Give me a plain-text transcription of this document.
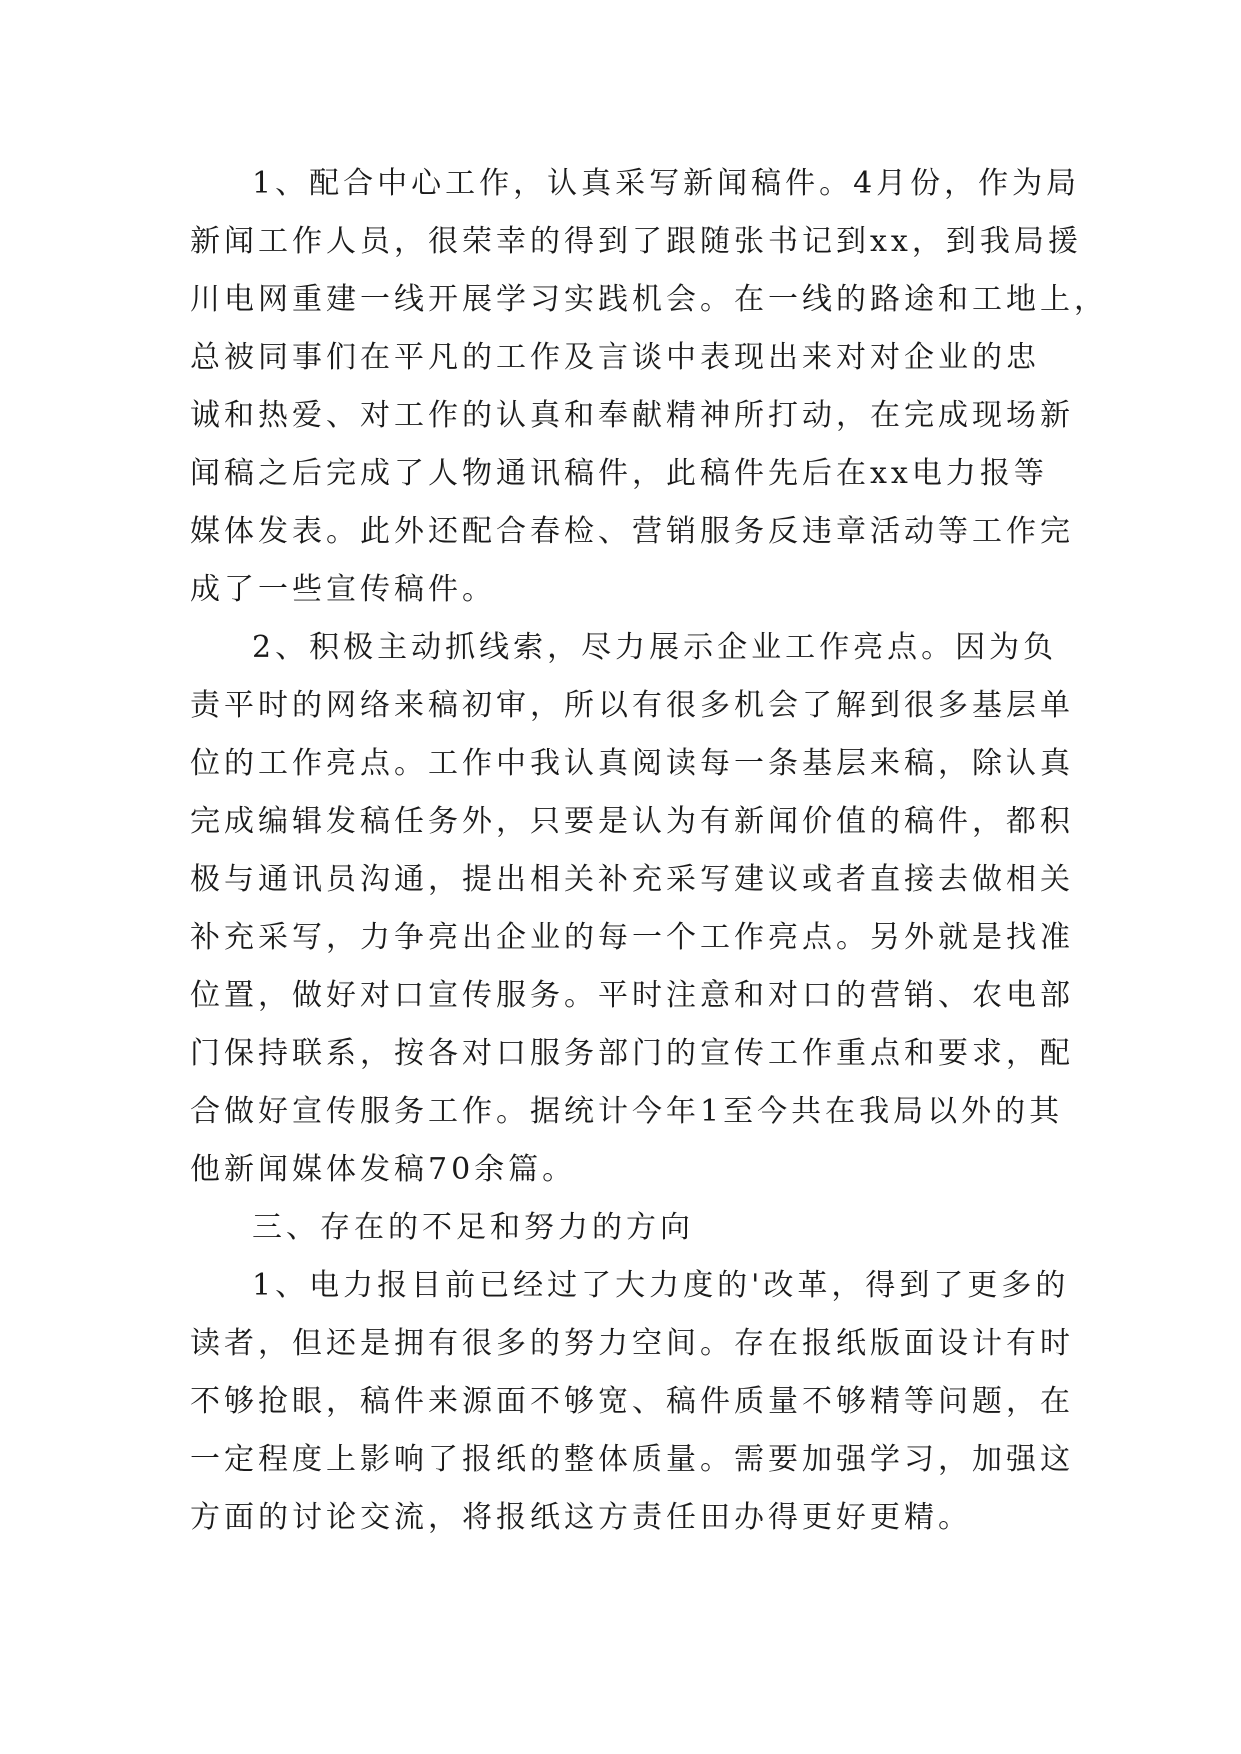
1、配合中心工作，认真采写新闻稿件。4月份，作为局
新闻工作人员，很荣幸的得到了跟随张书记到xx，到我局援
川电网重建一线开展学习实践机会。在一线的路途和工地上，
总被同事们在平凡的工作及言谈中表现出来对对企业的忠
诚和热爱、对工作的认真和奉献精神所打动，在完成现场新
闻稿之后完成了人物通讯稿件，此稿件先后在xx电力报等
媒体发表。此外还配合春检、营销服务反违章活动等工作完
成了一些宣传稿件。
2、积极主动抓线索，尽力展示企业工作亮点。因为负
责平时的网络来稿初审，所以有很多机会了解到很多基层单
位的工作亮点。工作中我认真阅读每一条基层来稿，除认真
完成编辑发稿任务外，只要是认为有新闻价值的稿件，都积
极与通讯员沟通，提出相关补充采写建议或者直接去做相关
补充采写，力争亮出企业的每一个工作亮点。另外就是找准
位置，做好对口宣传服务。平时注意和对口的营销、农电部
门保持联系，按各对口服务部门的宣传工作重点和要求，配
合做好宣传服务工作。据统计今年1至今共在我局以外的其
他新闻媒体发稿70余篇。
三、存在的不足和努力的方向
1、电力报目前已经过了大力度的'改革，得到了更多的
读者，但还是拥有很多的努力空间。存在报纸版面设计有时
不够抢眼，稿件来源面不够宽、稿件质量不够精等问题，在
一定程度上影响了报纸的整体质量。需要加强学习，加强这
方面的讨论交流，将报纸这方责任田办得更好更精。
